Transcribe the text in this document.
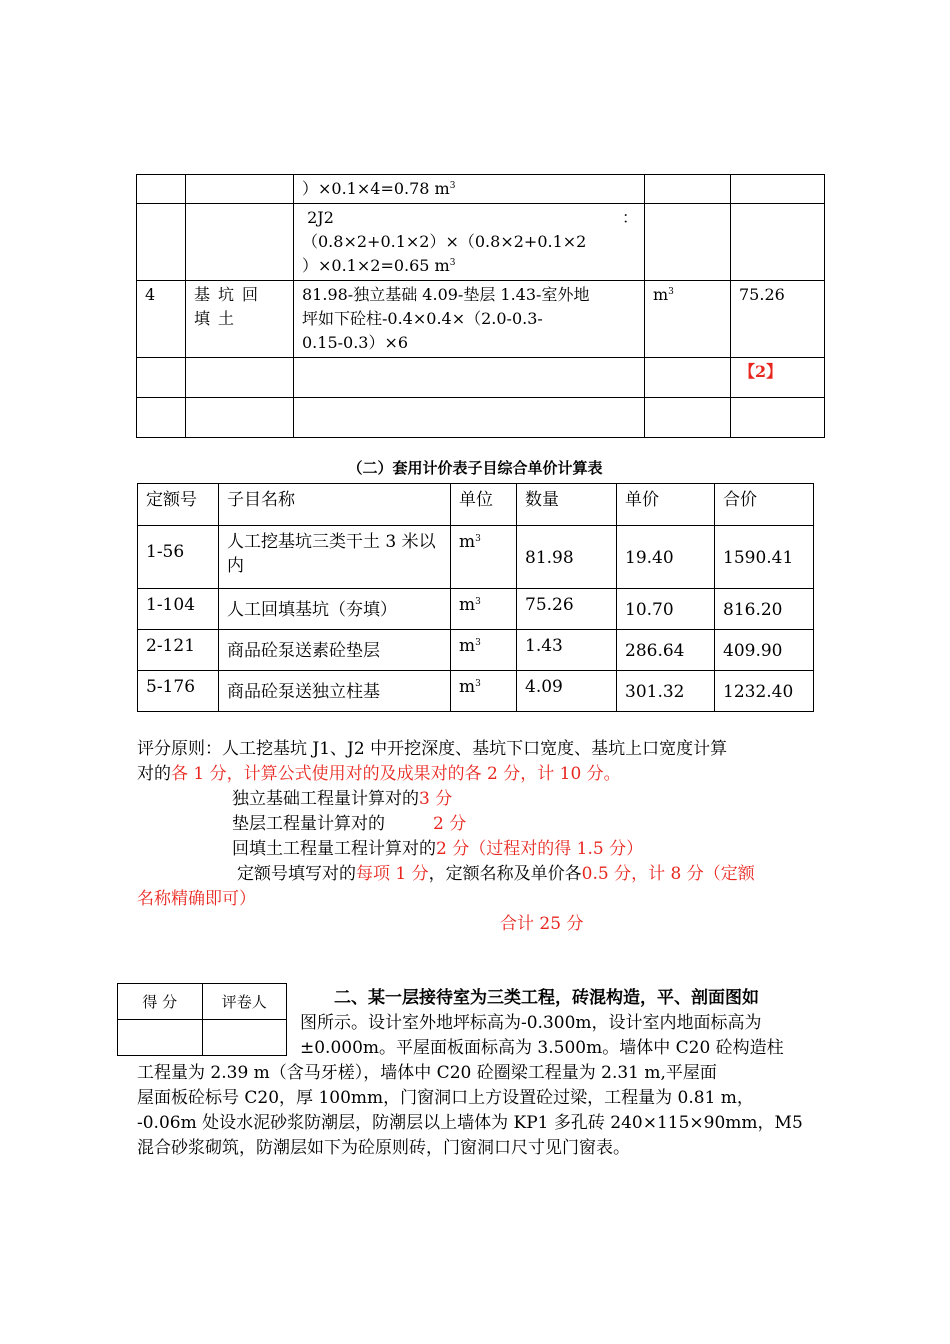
		）×0.1×4=0.78 $m^3$		

		2J2 ：
（0.8×2+0.1×2）×（0.8×2+0.1×2
）×0.1×2=0.65 $m^3$

4	基坑回填土	81.98-独立基础 4.09-垫层 1.43-室外地
坪如下砼柱-0.4×0.4×（2.0-0.3-
0.15-0.3）×6	$m^3$	75.26
				【2】

（二）套用计价表子目综合单价计算表
定额号	子目名称	单位	数量	单价	合价
1-56	人工挖基坑三类干土 3 米以内	$m^3$	81.98	19.40	1590.41
1-104	人工回填基坑（夯填）	$m^3$	75.26	10.70	816.20
2-121	商品砼泵送素砼垫层	$m^3$	1.43	286.64	409.90
5-176	商品砼泵送独立柱基	$m^3$	4.09	301.32	1232.40
评分原则：人工挖基坑 J1、J2 中开挖深度、基坑下口宽度、基坑上口宽度计算
对的各 1 分，计算公式使用对的及成果对的各 2 分，计 10 分。
独立基础工程量计算对的3 分
垫层工程量计算对的	2 分
回填土工程量工程计算对的2 分（过程对的得 1.5 分）
定额号填写对的每项 1 分，定额名称及单价各0.5 分，计 8 分（定额
名称精确即可）
合计 25 分
得 分	评卷人
		二、某一层接待室为三类工程，砖混构造，平、剖面图如
图所示。设计室外地坪标高为-0.300m，设计室内地面标高为
±0.000m。平屋面板面标高为 3.500m。墙体中 C20 砼构造柱
工程量为 2.39 m（含马牙槎），墙体中 C20 砼圈梁工程量为 2.31 m,平屋面
屋面板砼标号 C20，厚 100mm，门窗洞口上方设置砼过梁，工程量为 0.81 m，
-0.06m 处设水泥砂浆防潮层，防潮层以上墙体为 KP1 多孔砖 240×115×90mm，M5
混合砂浆砌筑，防潮层如下为砼原则砖，门窗洞口尺寸见门窗表。
